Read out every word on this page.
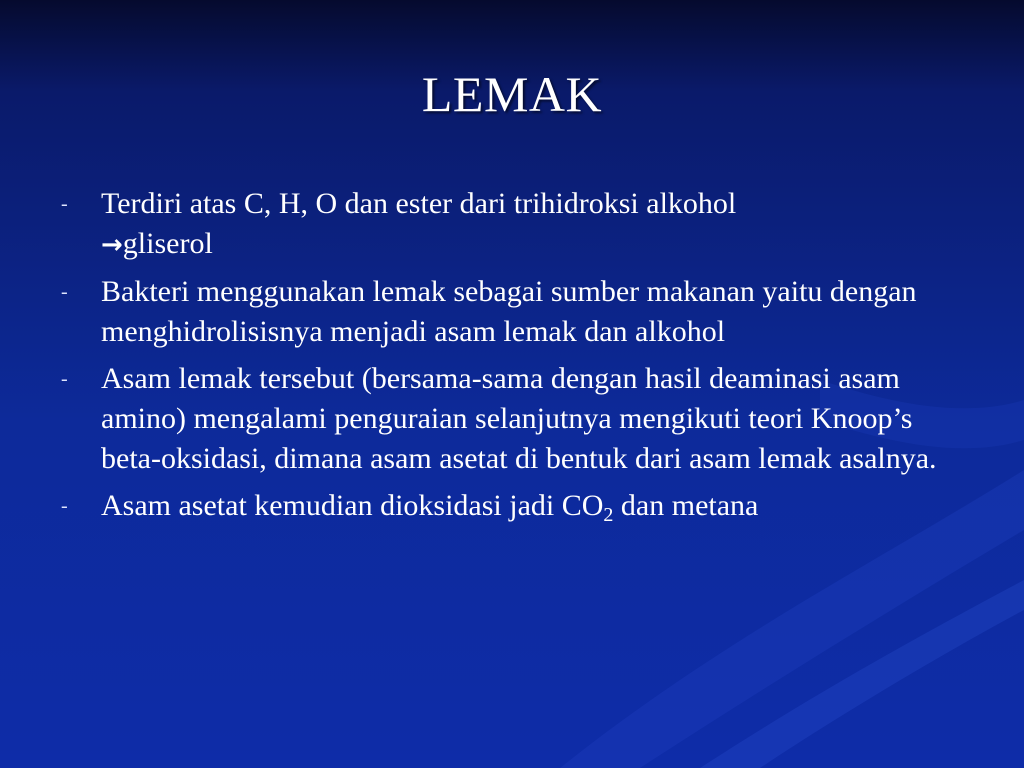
LEMAK
- Terdiri atas C, H, O dan ester dari trihidroksi alkohol
→gliserol
- Bakteri menggunakan lemak sebagai sumber makanan yaitu dengan menghidrolisisnya menjadi asam lemak dan alkohol
- Asam lemak tersebut (bersama-sama dengan hasil deaminasi asam amino) mengalami penguraian selanjutnya mengikuti teori Knoop’s beta-oksidasi, dimana asam asetat di bentuk dari asam lemak asalnya.
- Asam asetat kemudian dioksidasi jadi $CO_2$ dan metana
